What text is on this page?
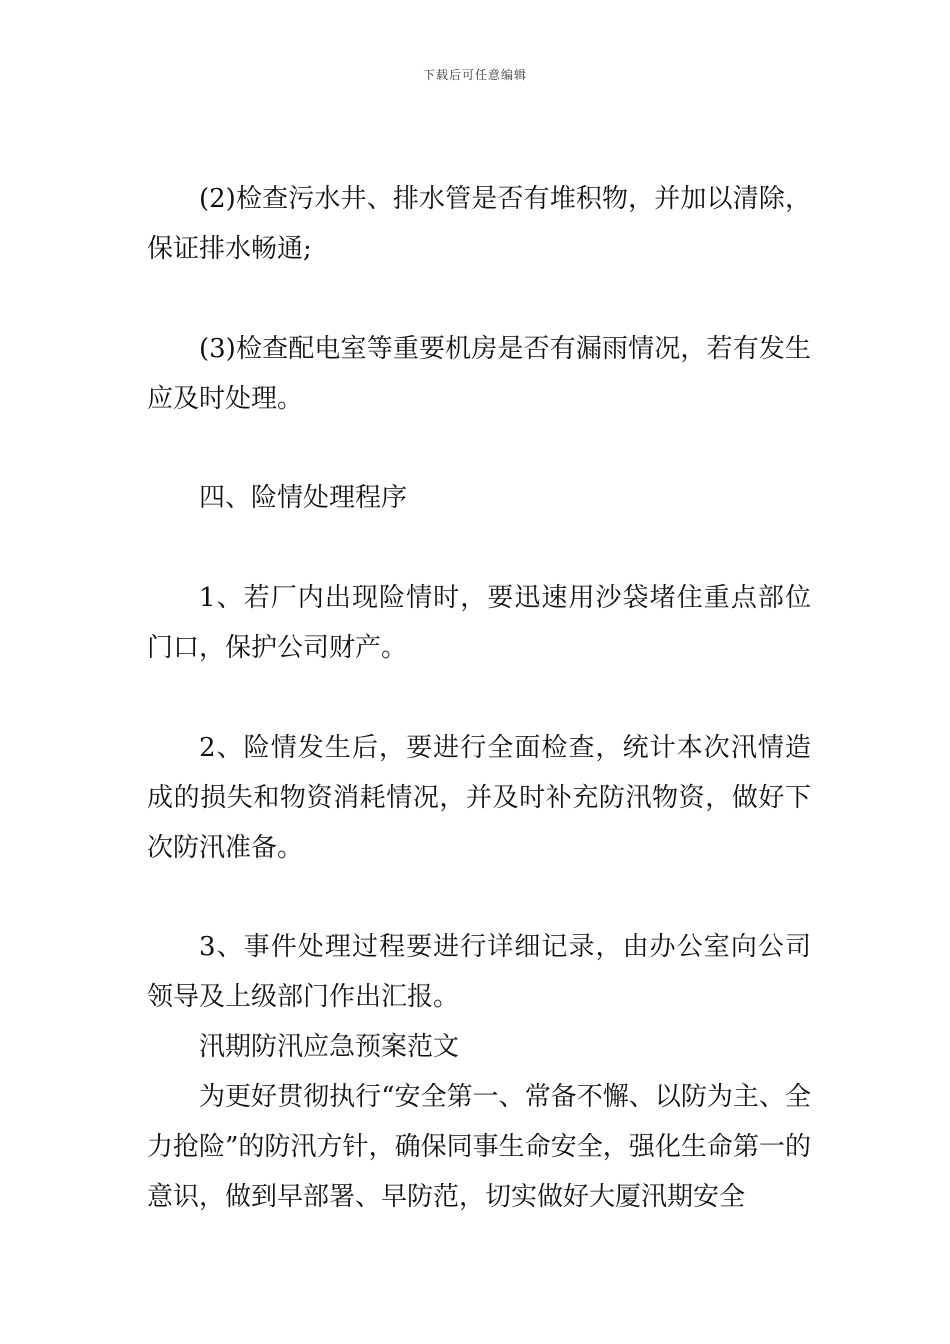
下载后可任意编辑

(2)检查污水井、排水管是否有堆积物，并加以清除，保证排水畅通;

(3)检查配电室等重要机房是否有漏雨情况，若有发生应及时处理。

四、险情处理程序

1、若厂内出现险情时，要迅速用沙袋堵住重点部位门口，保护公司财产。

2、险情发生后，要进行全面检查，统计本次汛情造成的损失和物资消耗情况，并及时补充防汛物资，做好下次防汛准备。

3、事件处理过程要进行详细记录，由办公室向公司领导及上级部门作出汇报。

汛期防汛应急预案范文

为更好贯彻执行“安全第一、常备不懈、以防为主、全力抢险”的防汛方针，确保同事生命安全，强化生命第一的意识，做到早部署、早防范，切实做好大厦汛期安全
